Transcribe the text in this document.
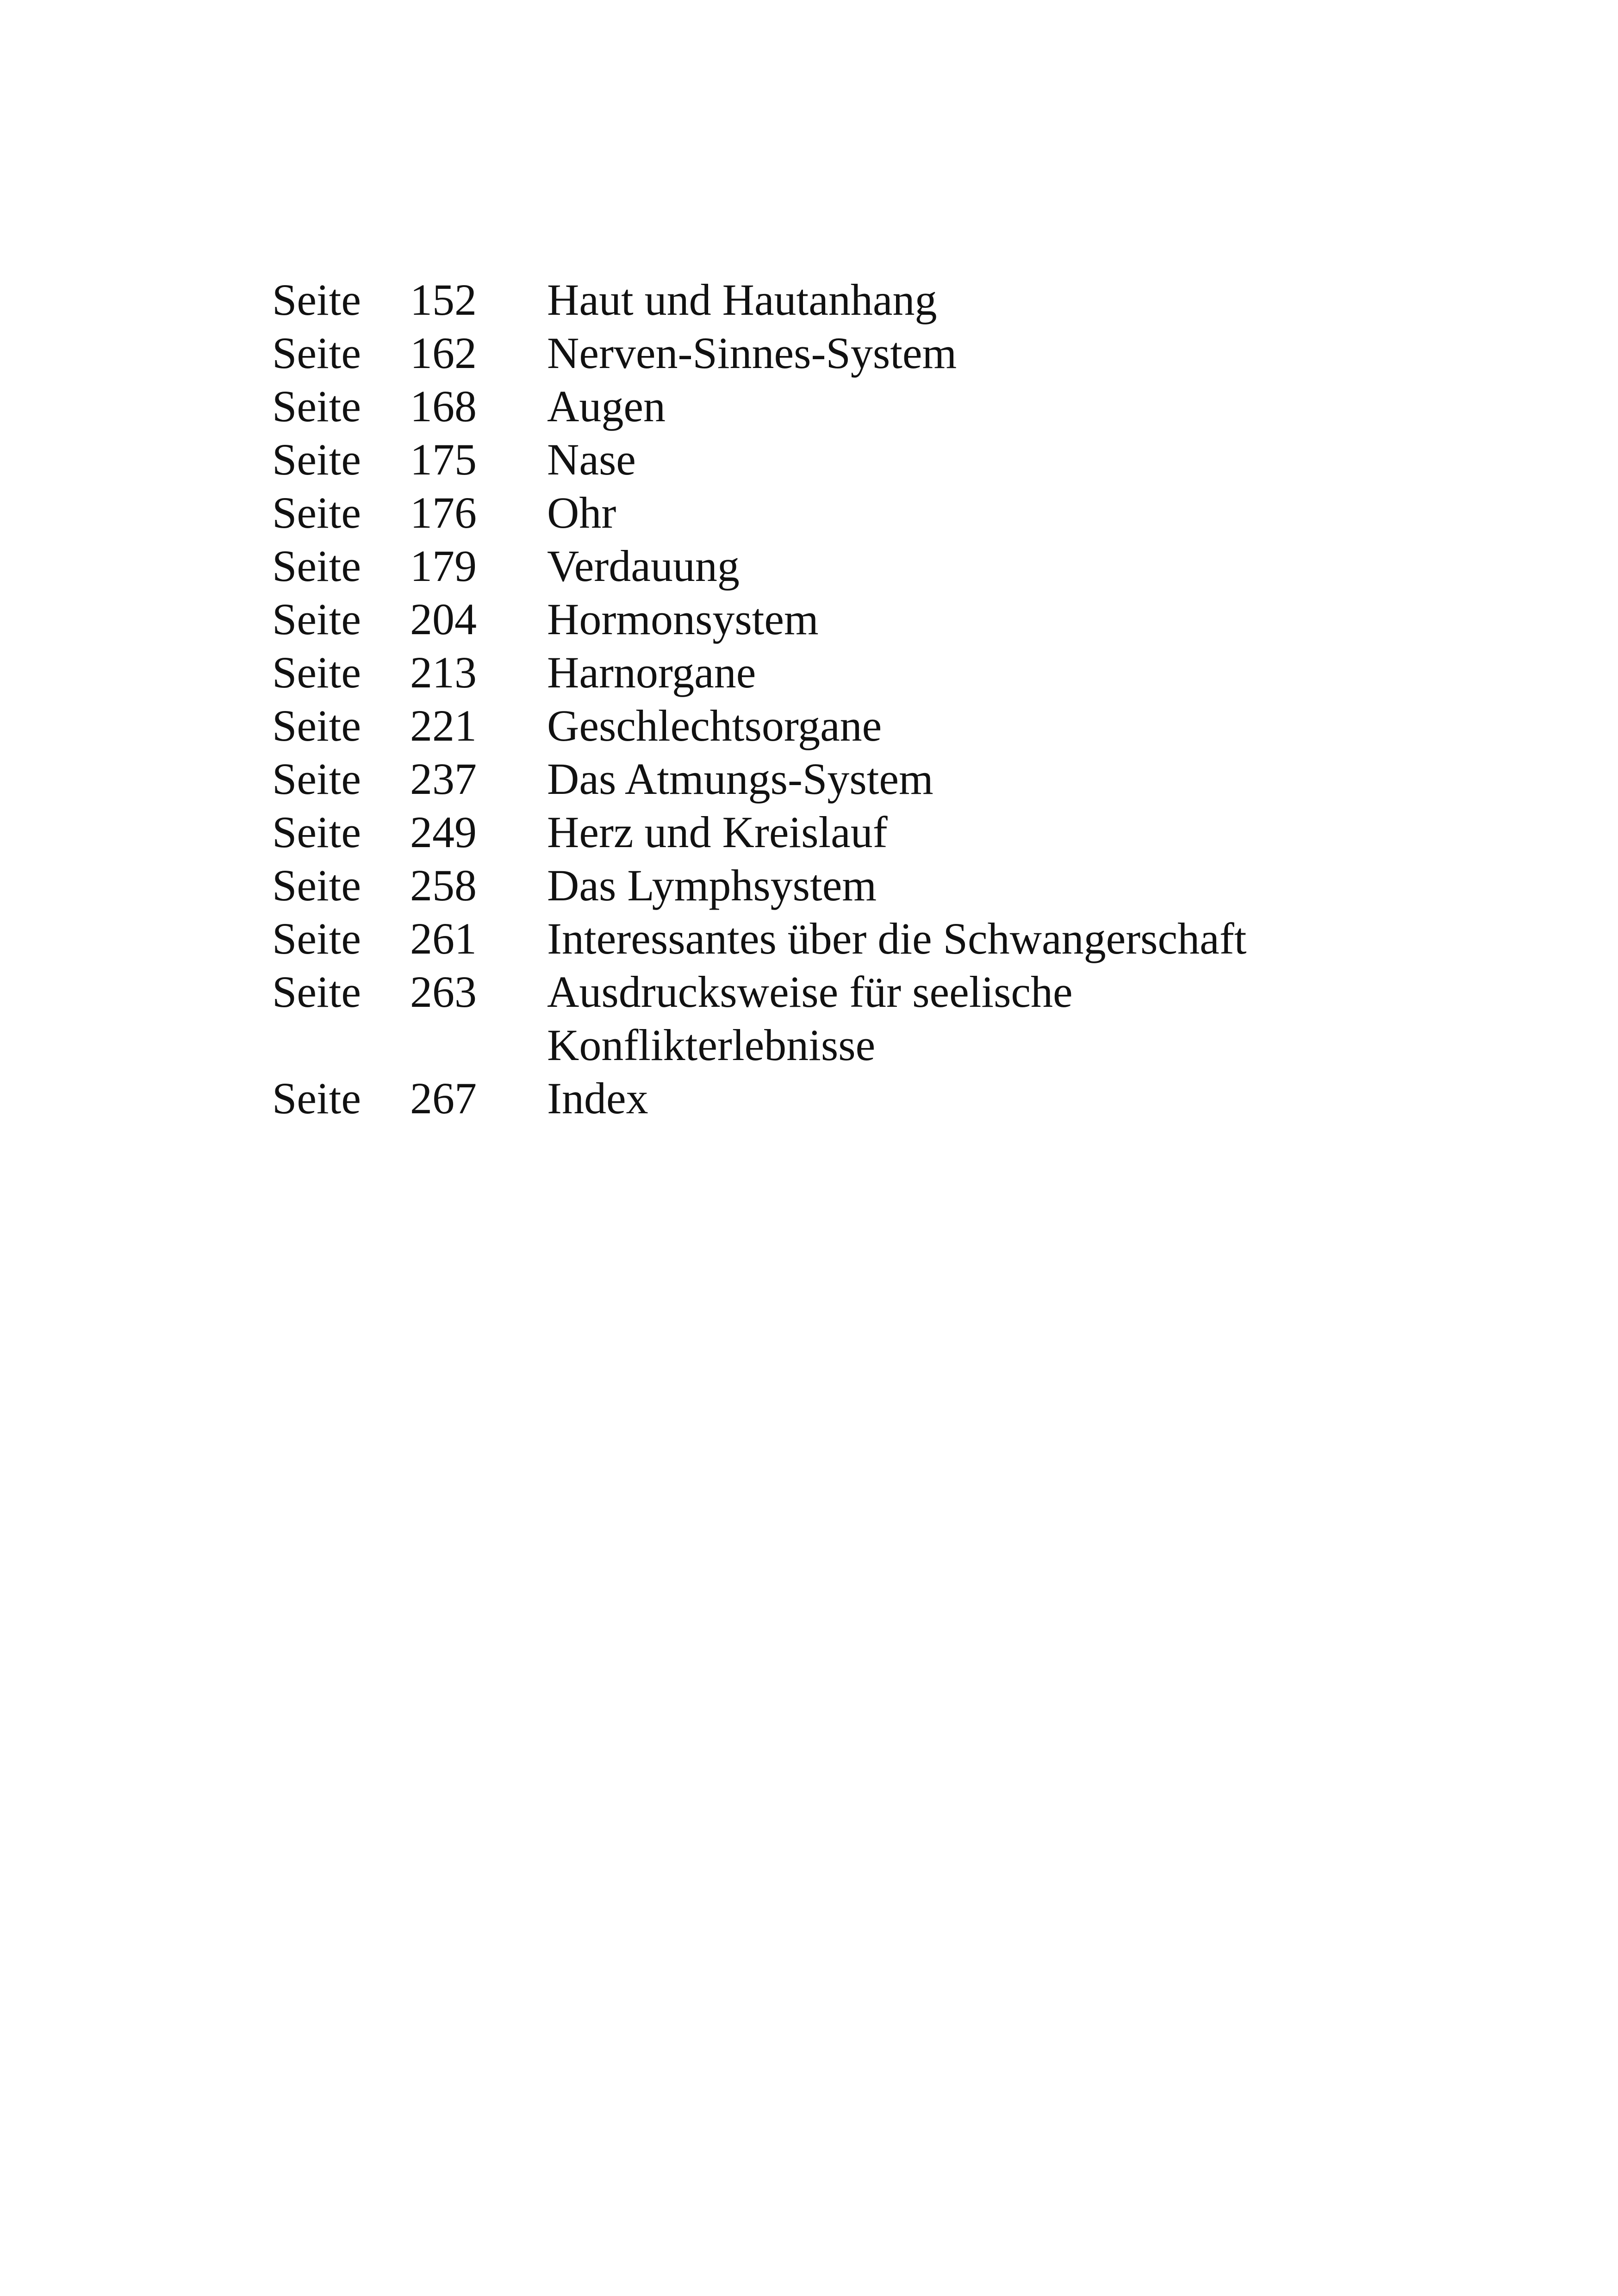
Seite	152	Haut und Hautanhang
Seite	162	Nerven-Sinnes-System
Seite	168	Augen
Seite	175	Nase
Seite	176	Ohr
Seite	179	Verdauung
Seite	204	Hormonsystem
Seite	213	Harnorgane
Seite	221	Geschlechtsorgane
Seite	237	Das Atmungs-System
Seite	249	Herz und Kreislauf
Seite	258	Das Lymphsystem
Seite	261	Interessantes über die Schwangerschaft
Seite	263	Ausdrucksweise für seelische
Konflikterlebnisse
Seite	267	Index
